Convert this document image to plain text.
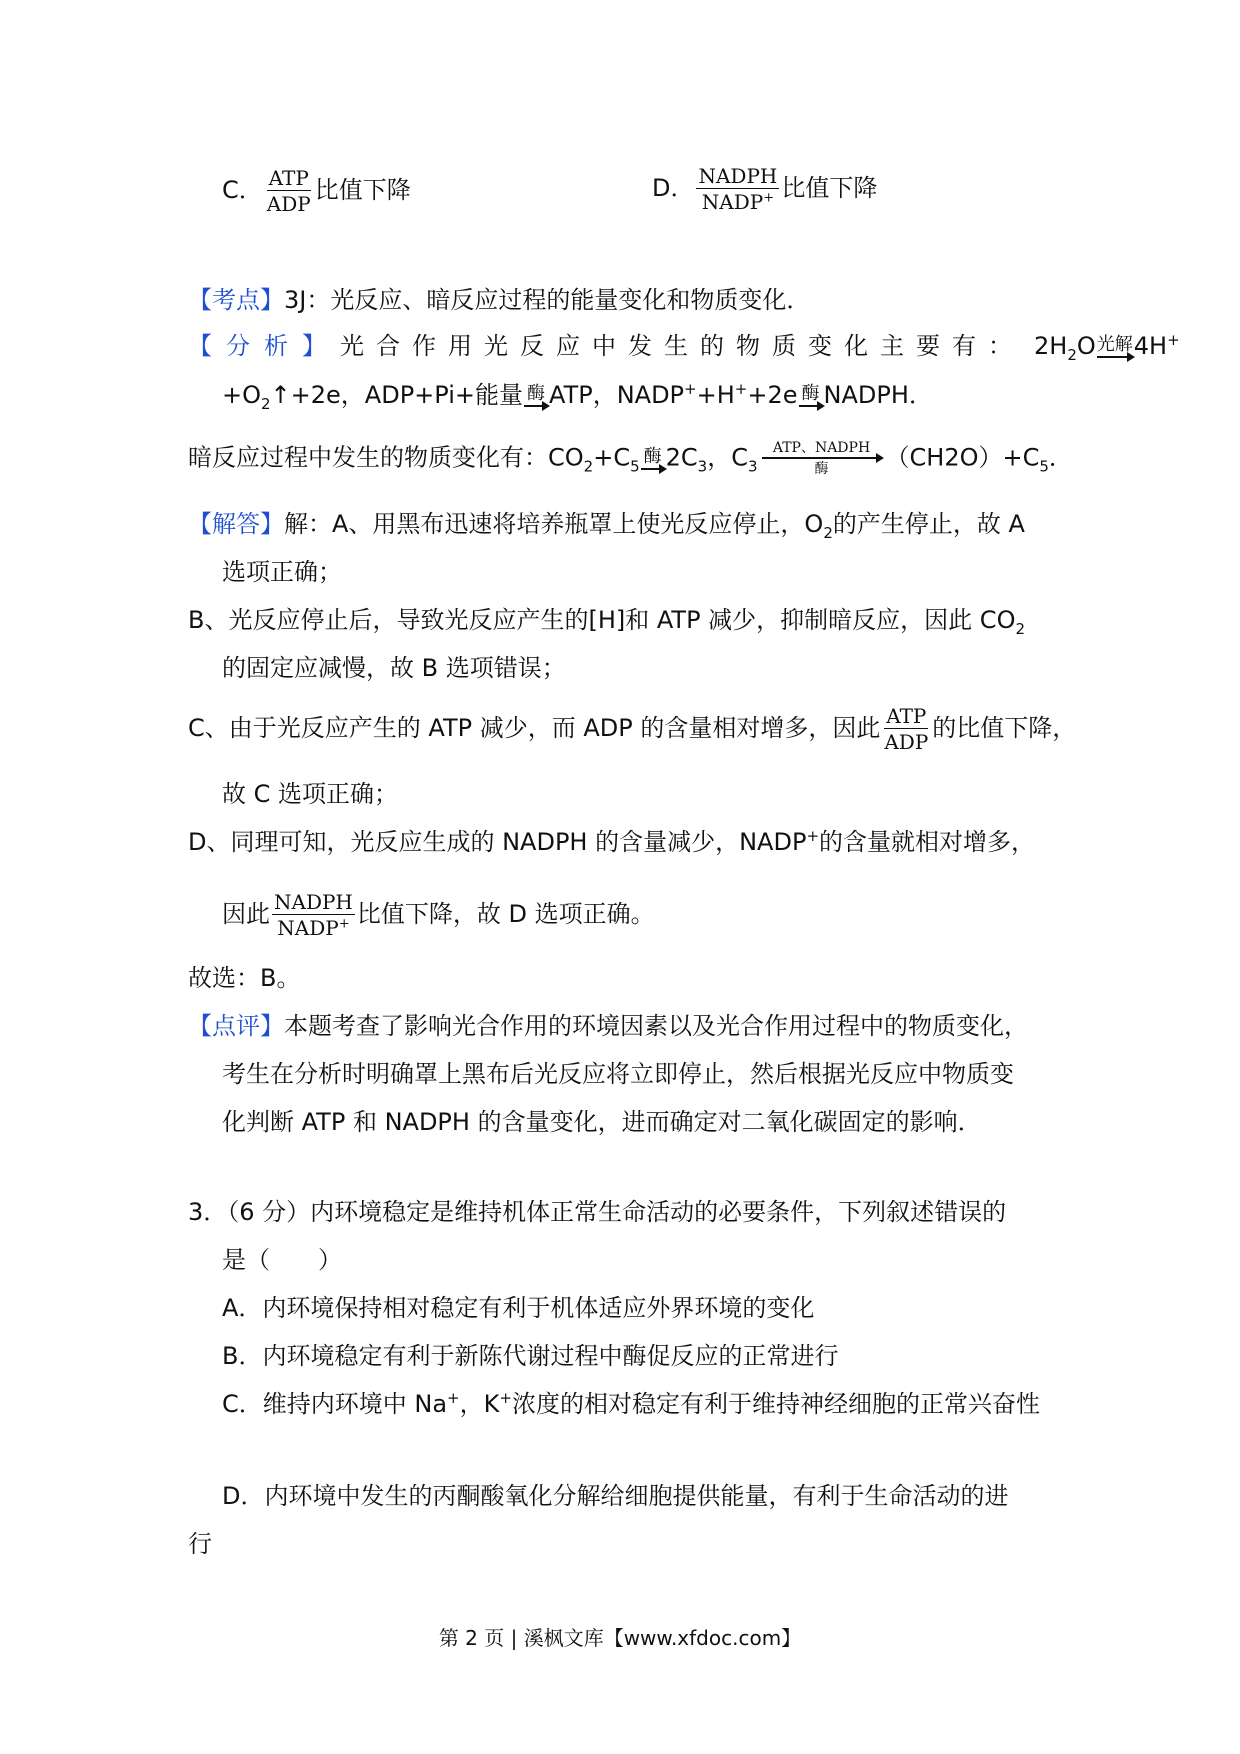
C． $\frac{\text{ATP}}{\text{ADP}}$ 比值下降	D． $\frac{\text{NADPH}}{NADP^+}$ 比值下降
【考点】3J：光反应、暗反应过程的能量变化和物质变化．
【分析】光合作用光反应中发生的物质变化主要有： $2H_2O$ 光解 4H+
$+O_2↑+2e$，ADP+Pi+能量 酶 ATP，NADP++H++2e 酶 NADPH．
暗反应过程中发生的物质变化有：$CO_2+C_5$ 酶 $2C_3$，$C_3$
ATP、NADPH
酶 $(CH2O)+C_5$．
【解答】解：A、用黑布迅速将培养瓶罩上使光反应停止，$O_2$的产生停止，故 A
选项正确；
B、光反应停止后，导致光反应产生的[H]和 ATP 减少，抑制暗反应，因此 $CO_2$
的固定应减慢，故 B 选项错误；
C、由于光反应产生的 ATP 减少，而 ADP 的含量相对增多，因此 $\frac{\text{ATP}}{\text{ADP}}$ 的比值下降，
故 C 选项正确；
D、同理可知，光反应生成的 NADPH 的含量减少，NADP+的含量就相对增多，
因此 $\frac{\text{NADPH}}{NADP^+}$ 比值下降，故 D 选项正确。
故选：B。
【点评】本题考查了影响光合作用的环境因素以及光合作用过程中的物质变化，
考生在分析时明确罩上黑布后光反应将立即停止，然后根据光反应中物质变
化判断 ATP 和 NADPH 的含量变化，进而确定对二氧化碳固定的影响．
3．（6 分）内环境稳定是维持机体正常生命活动的必要条件，下列叙述错误的
是（　　）
A．内环境保持相对稳定有利于机体适应外界环境的变化
B．内环境稳定有利于新陈代谢过程中酶促反应的正常进行
C．维持内环境中 Na+，K+浓度的相对稳定有利于维持神经细胞的正常兴奋性
D．内环境中发生的丙酮酸氧化分解给细胞提供能量，有利于生命活动的进
行
第 2 页 | 溪枫文库【www.xfdoc.com】
